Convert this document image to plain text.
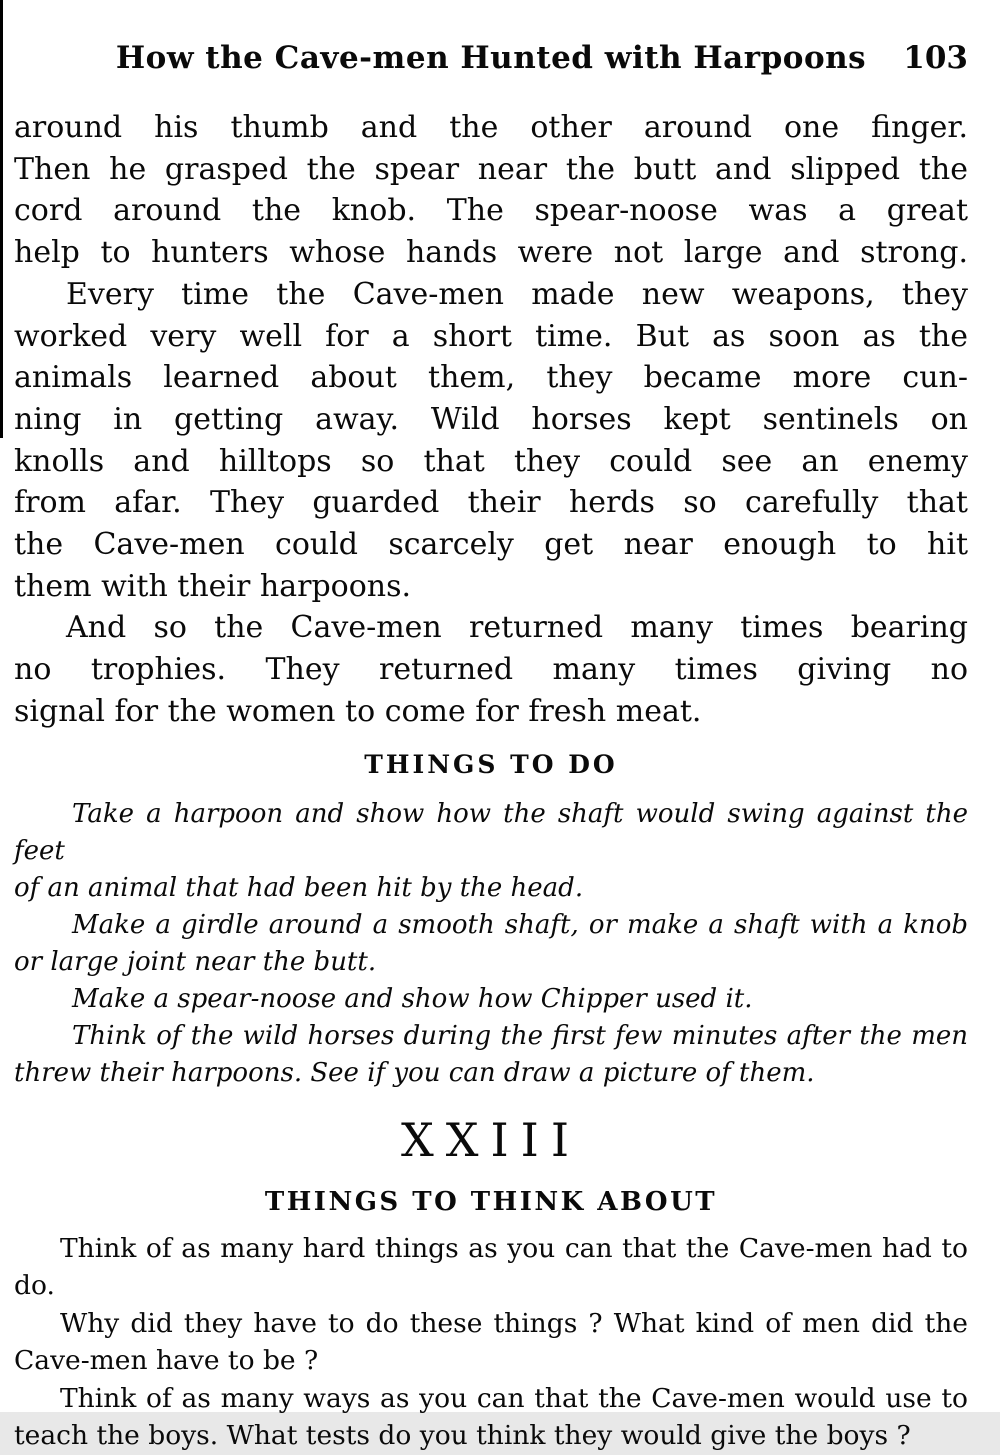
How the Cave-men Hunted with Harpoons	103
around his thumb and the other around one finger.
Then he grasped the spear near the butt and slipped the
cord around the knob. The spear-noose was a great
help to hunters whose hands were not large and strong.
Every time the Cave-men made new weapons, they
worked very well for a short time. But as soon as the
animals learned about them, they became more cun-
ning in getting away. Wild horses kept sentinels on
knolls and hilltops so that they could see an enemy
from afar. They guarded their herds so carefully that
the Cave-men could scarcely get near enough to hit
them with their harpoons.
And so the Cave-men returned many times bearing
no trophies. They returned many times giving no
signal for the women to come for fresh meat.
THINGS TO DO
Take a harpoon and show how the shaft would swing against the feet
of an animal that had been hit by the head.
Make a girdle around a smooth shaft, or make a shaft with a knob
or large joint near the butt.
Make a spear-noose and show how Chipper used it.
Think of the wild horses during the first few minutes after the men
threw their harpoons. See if you can draw a picture of them.
XXIII
THINGS TO THINK ABOUT
Think of as many hard things as you can that the Cave-men had to do.
Why did they have to do these things ? What kind of men did the
Cave-men have to be ?
Think of as many ways as you can that the Cave-men would use to
teach the boys. What tests do you think they would give the boys ?
